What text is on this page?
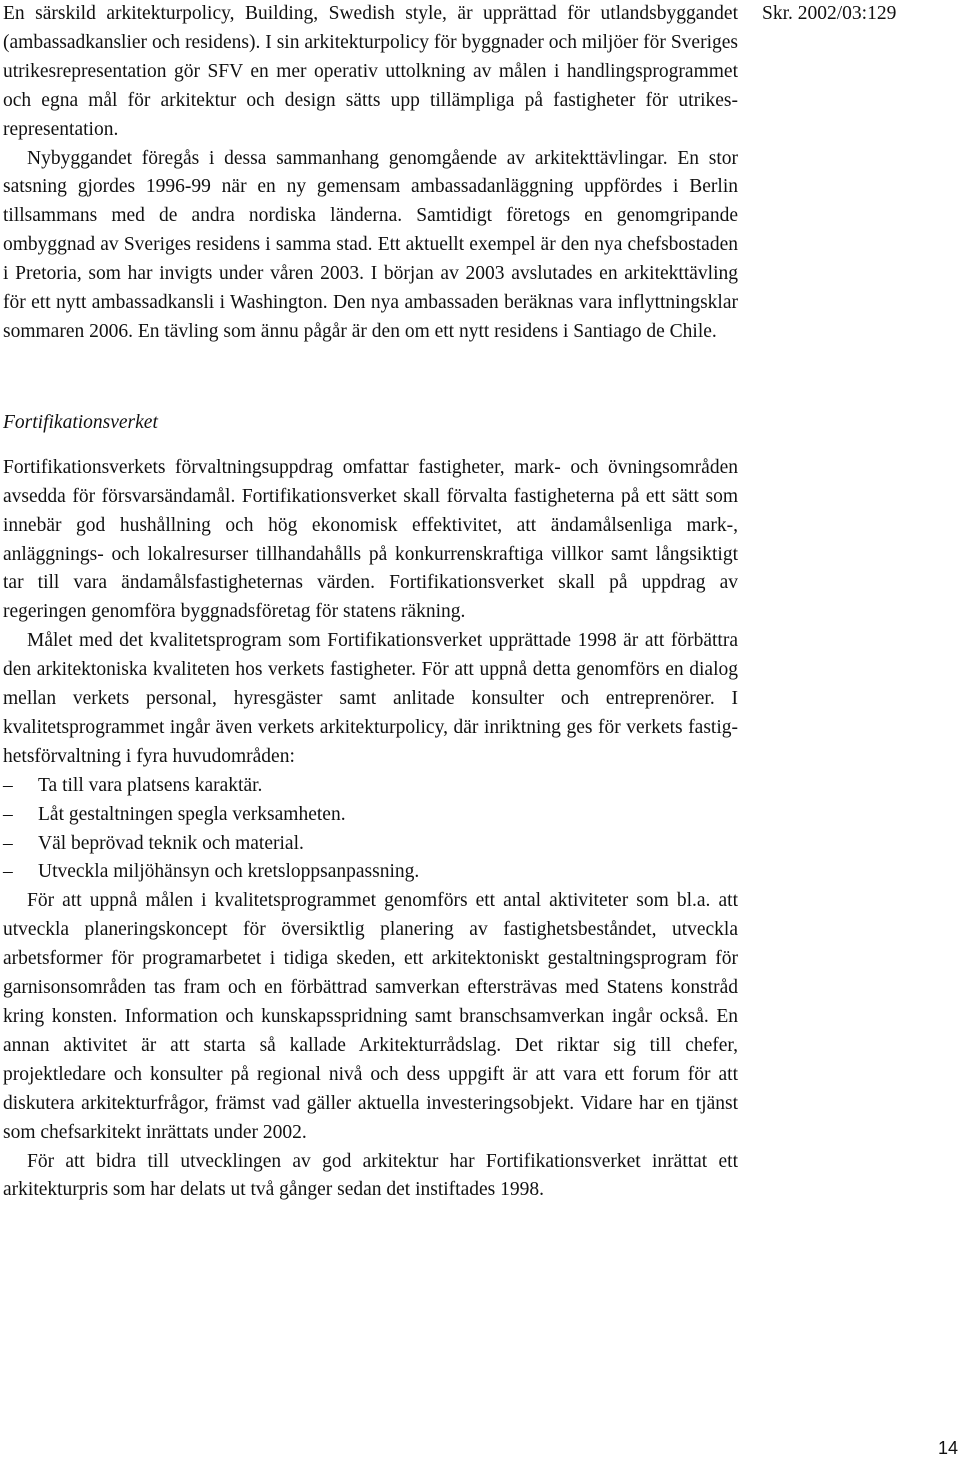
En särskild arkitekturpolicy, Building, Swedish style, är upprättad för utlandsbyggandet (ambassadkanslier och residens). I sin arkitekturpolicy för byggnader och miljöer för Sveriges utrikesrepresentation gör SFV en mer operativ uttolkning av målen i handlingsprogrammet och egna mål för arkitektur och design sätts upp tillämpliga på fastigheter för utrikesrepresentation.

Nybyggandet föregås i dessa sammanhang genomgående av arkitekttävlingar. En stor satsning gjordes 1996-99 när en ny gemensam ambassadanläggning uppfördes i Berlin tillsammans med de andra nordiska länderna. Samtidigt företogs en genomgripande ombyggnad av Sveriges residens i samma stad. Ett aktuellt exempel är den nya chefsbostaden i Pretoria, som har invigts under våren 2003. I början av 2003 avslutades en arkitekttävling för ett nytt ambassadkansli i Washington. Den nya ambassaden beräknas vara inflyttningsklar sommaren 2006. En tävling som ännu pågår är den om ett nytt residens i Santiago de Chile.

Fortifikationsverket

Fortifikationsverkets förvaltningsuppdrag omfattar fastigheter, mark- och övningsområden avsedda för försvarsändamål. Fortifikationsverket skall förvalta fastigheterna på ett sätt som innebär god hushållning och hög ekonomisk effektivitet, att ändamålsenliga mark-, anläggnings- och lokalresurser tillhandahålls på konkurrenskraftiga villkor samt långsiktigt tar till vara ändamålsfastigheternas värden. Fortifikationsverket skall på uppdrag av regeringen genomföra byggnadsföretag för statens räkning.

Målet med det kvalitetsprogram som Fortifikationsverket upprättade 1998 är att förbättra den arkitektoniska kvaliteten hos verkets fastigheter. För att uppnå detta genomförs en dialog mellan verkets personal, hyresgäster samt anlitade konsulter och entreprenörer. I kvalitetsprogrammet ingår även verkets arkitekturpolicy, där inriktning ges för verkets fastighetsförvaltning i fyra huvudområden:

– Ta till vara platsens karaktär.
– Låt gestaltningen spegla verksamheten.
– Väl beprövad teknik och material.
– Utveckla miljöhänsyn och kretsloppsanpassning.

För att uppnå målen i kvalitetsprogrammet genomförs ett antal aktiviteter som bl.a. att utveckla planeringskoncept för översiktlig planering av fastighetsbeståndet, utveckla arbetsformer för programarbetet i tidiga skeden, ett arkitektoniskt gestaltningsprogram för garnisonsområden tas fram och en förbättrad samverkan eftersträvas med Statens konstråd kring konsten. Information och kunskapsspridning samt branschsamverkan ingår också. En annan aktivitet är att starta så kallade Arkitekturrådslag. Det riktar sig till chefer, projektledare och konsulter på regional nivå och dess uppgift är att vara ett forum för att diskutera arkitekturfrågor, främst vad gäller aktuella investeringsobjekt. Vidare har en tjänst som chefsarkitekt inrättats under 2002.

För att bidra till utvecklingen av god arkitektur har Fortifikationsverket inrättat ett arkitekturpris som har delats ut två gånger sedan det instiftades 1998.

Skr. 2002/03:129
14
